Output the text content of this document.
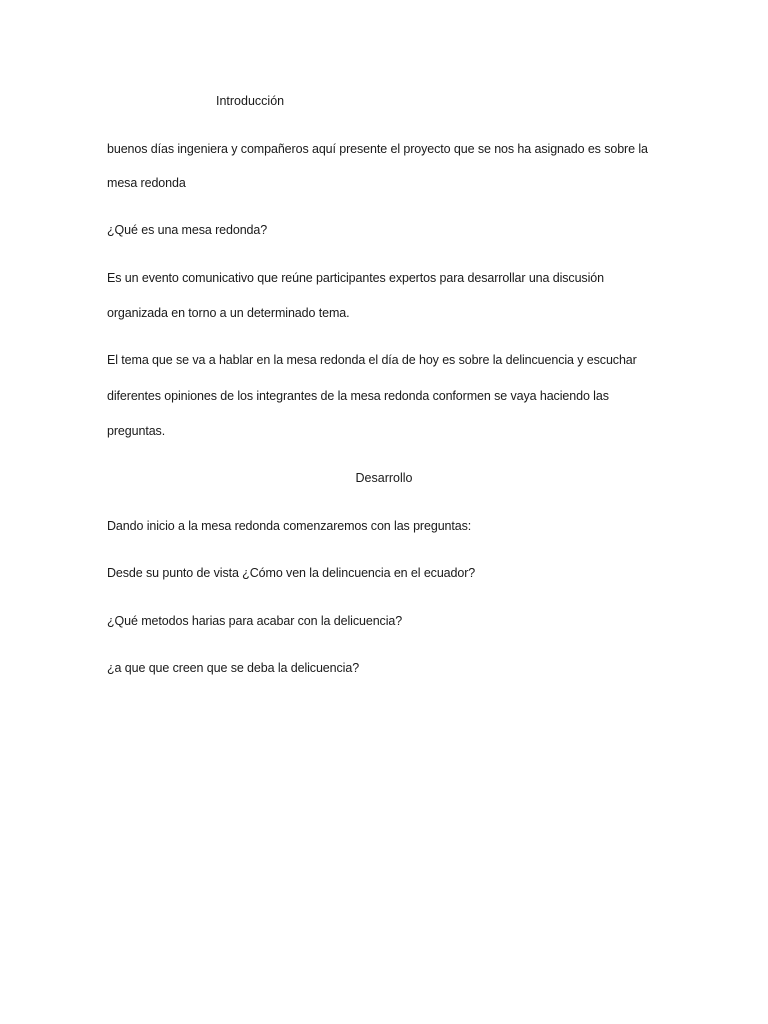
Introducción
buenos días ingeniera y compañeros aquí presente el proyecto que se nos ha asignado es sobre la
mesa redonda
¿Qué es una mesa redonda?
Es un evento comunicativo que reúne participantes expertos para desarrollar una discusión
organizada en torno a un determinado tema.
El tema que se va a hablar en la mesa redonda el día de hoy es sobre la delincuencia y escuchar
diferentes opiniones de los integrantes de la mesa redonda conformen se vaya haciendo las
preguntas.
Desarrollo
Dando inicio a la mesa redonda comenzaremos con las preguntas:
Desde su punto de vista ¿Cómo ven la delincuencia en el ecuador?
¿Qué metodos harias para acabar con la delicuencia?
¿a que que creen que se deba la delicuencia?
